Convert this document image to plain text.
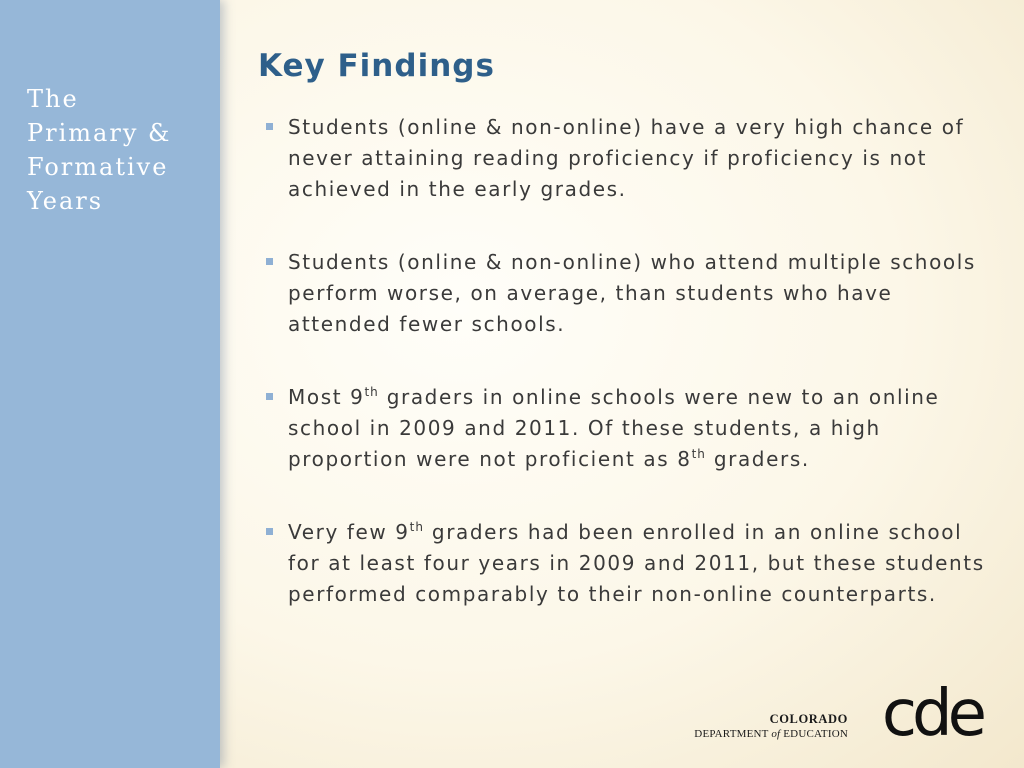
The
Primary &
Formative
Years
Key Findings
Students (online & non-online) have a very high chance of never attaining reading proficiency if proficiency is not achieved in the early grades.
Students (online & non-online) who attend multiple schools perform worse, on average, than students who have attended fewer schools.
Most 9th graders in online schools were new to an online school in 2009 and 2011. Of these students, a high proportion were not proficient as 8th graders.
Very few 9th graders had been enrolled in an online school for at least four years in 2009 and 2011, but these students performed comparably to their non-online counterparts.
COLORADO
DEPARTMENT of EDUCATION cde
